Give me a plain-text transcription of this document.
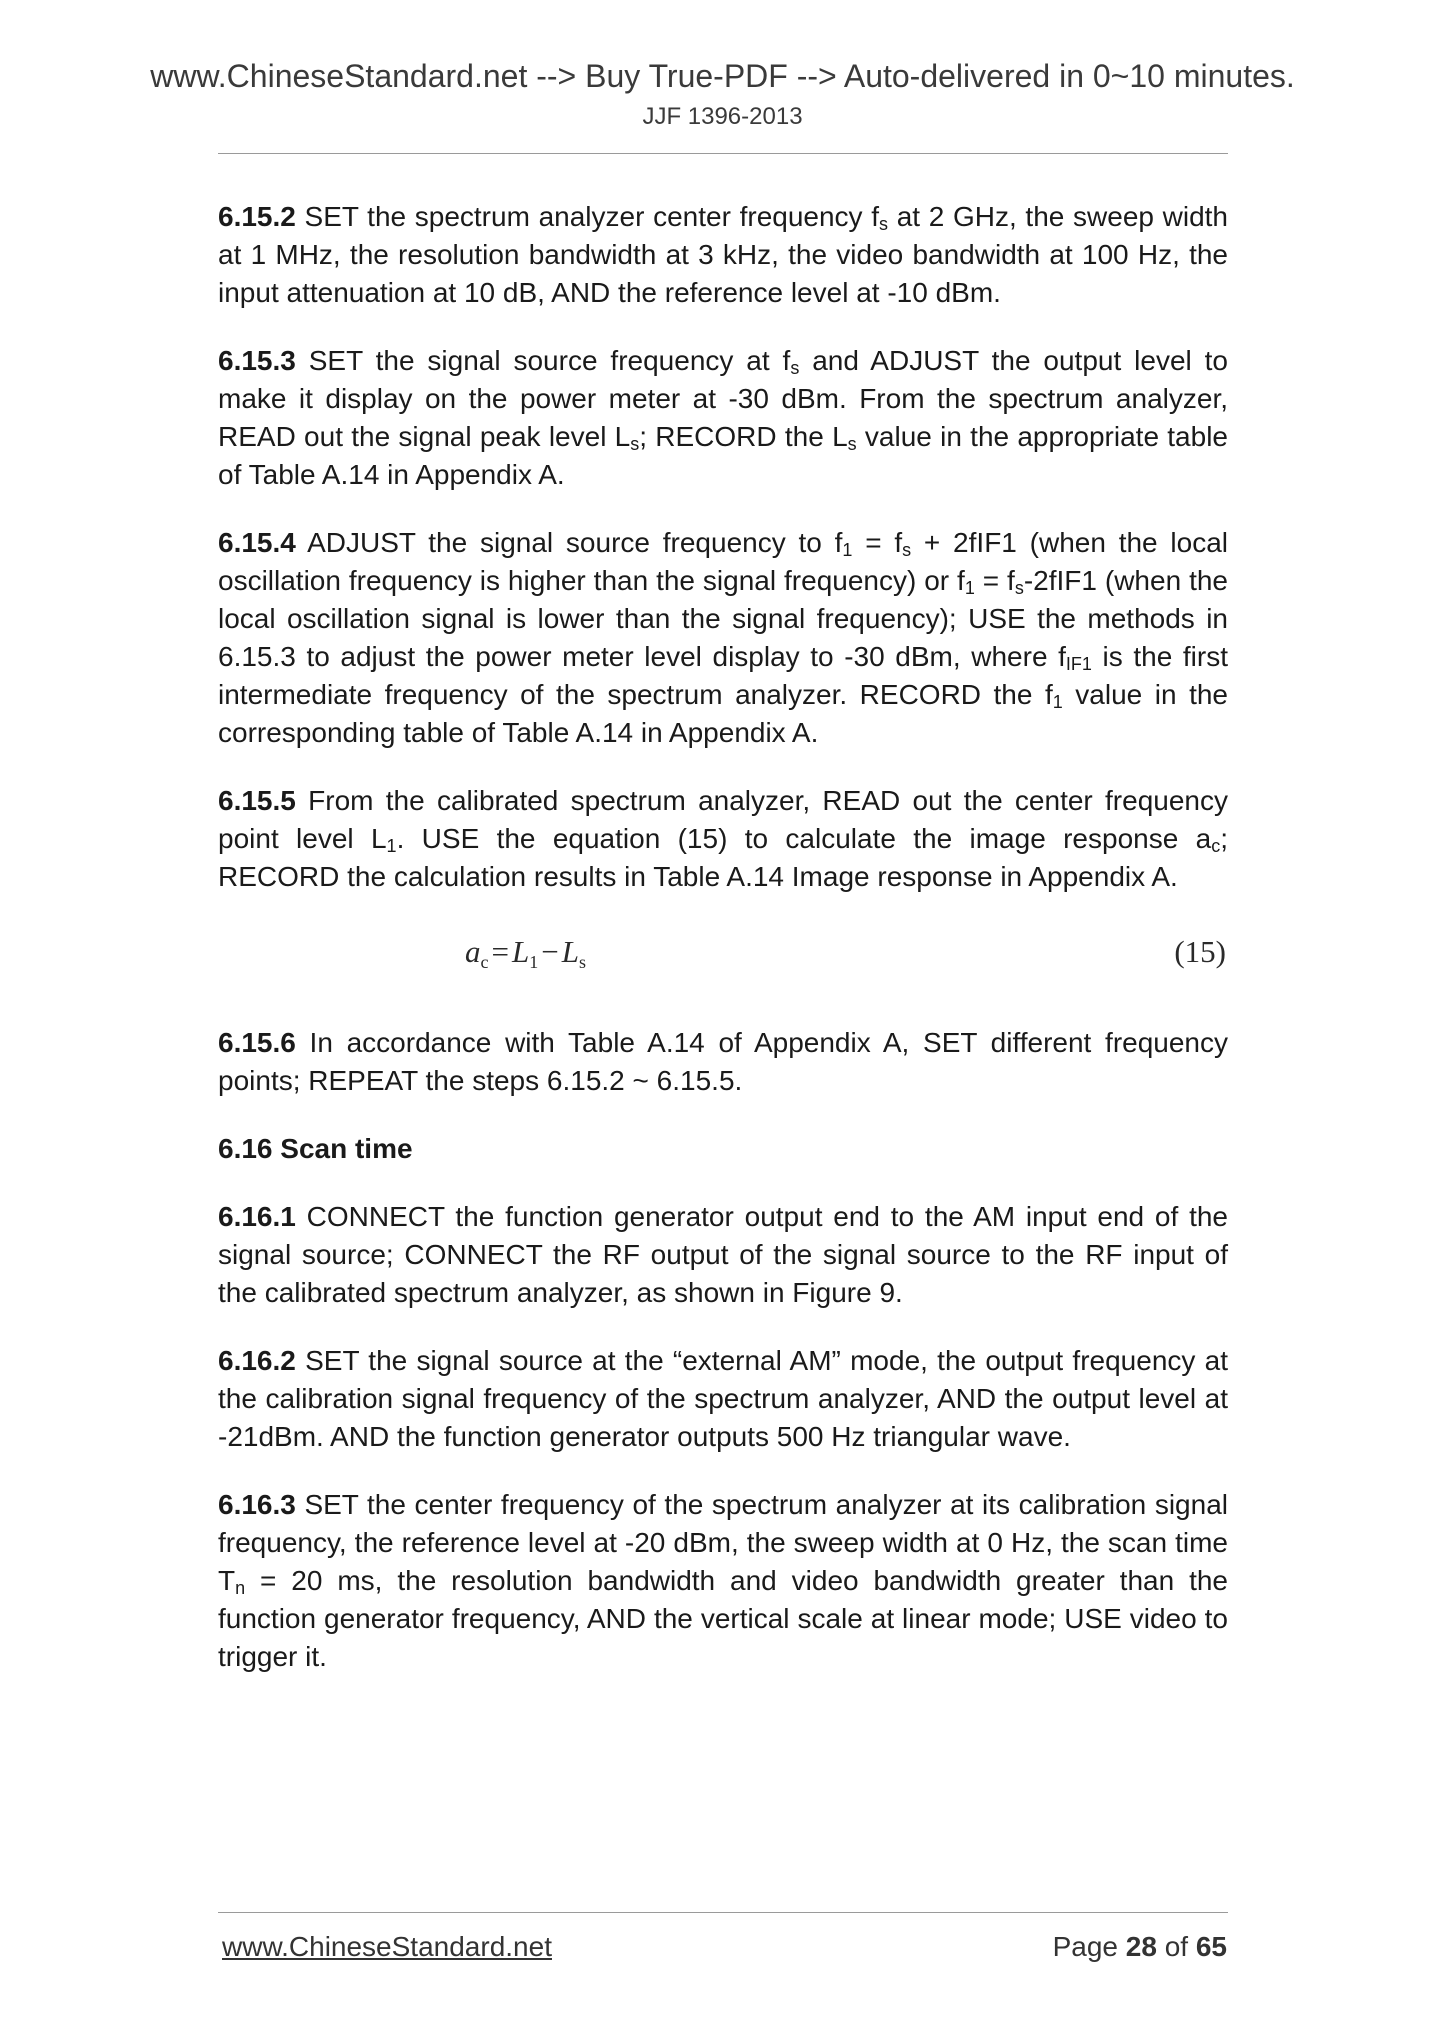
www.ChineseStandard.net --> Buy True-PDF --> Auto-delivered in 0~10 minutes.
JJF 1396-2013

6.15.2 SET the spectrum analyzer center frequency $f_s$ at 2 GHz, the sweep width at 1 MHz, the resolution bandwidth at 3 kHz, the video bandwidth at 100 Hz, the input attenuation at 10 dB, AND the reference level at -10 dBm.

6.15.3 SET the signal source frequency at $f_s$ and ADJUST the output level to make it display on the power meter at -30 dBm. From the spectrum analyzer, READ out the signal peak level $L_s$; RECORD the $L_s$ value in the appropriate table of Table A.14 in Appendix A.

6.15.4 ADJUST the signal source frequency to $f_1 = f_s + 2fIF1$ (when the local oscillation frequency is higher than the signal frequency) or $f_1 = f_s-2fIF1$ (when the local oscillation signal is lower than the signal frequency); USE the methods in 6.15.3 to adjust the power meter level display to -30 dBm, where $f_{IF1}$ is the first intermediate frequency of the spectrum analyzer. RECORD the $f_1$ value in the corresponding table of Table A.14 in Appendix A.

6.15.5 From the calibrated spectrum analyzer, READ out the center frequency point level $L_1$. USE the equation (15) to calculate the image response $a_c$; RECORD the calculation results in Table A.14 Image response in Appendix A.

$a_c=L_1-L_s$	(15)

6.15.6 In accordance with Table A.14 of Appendix A, SET different frequency points; REPEAT the steps 6.15.2 ~ 6.15.5.

6.16 Scan time

6.16.1 CONNECT the function generator output end to the AM input end of the signal source; CONNECT the RF output of the signal source to the RF input of the calibrated spectrum analyzer, as shown in Figure 9.

6.16.2 SET the signal source at the “external AM” mode, the output frequency at the calibration signal frequency of the spectrum analyzer, AND the output level at -21dBm. AND the function generator outputs 500 Hz triangular wave.

6.16.3 SET the center frequency of the spectrum analyzer at its calibration signal frequency, the reference level at -20 dBm, the sweep width at 0 Hz, the scan time $T_n = 20$ ms, the resolution bandwidth and video bandwidth greater than the function generator frequency, AND the vertical scale at linear mode; USE video to trigger it.

www.ChineseStandard.net	Page 28 of 65
